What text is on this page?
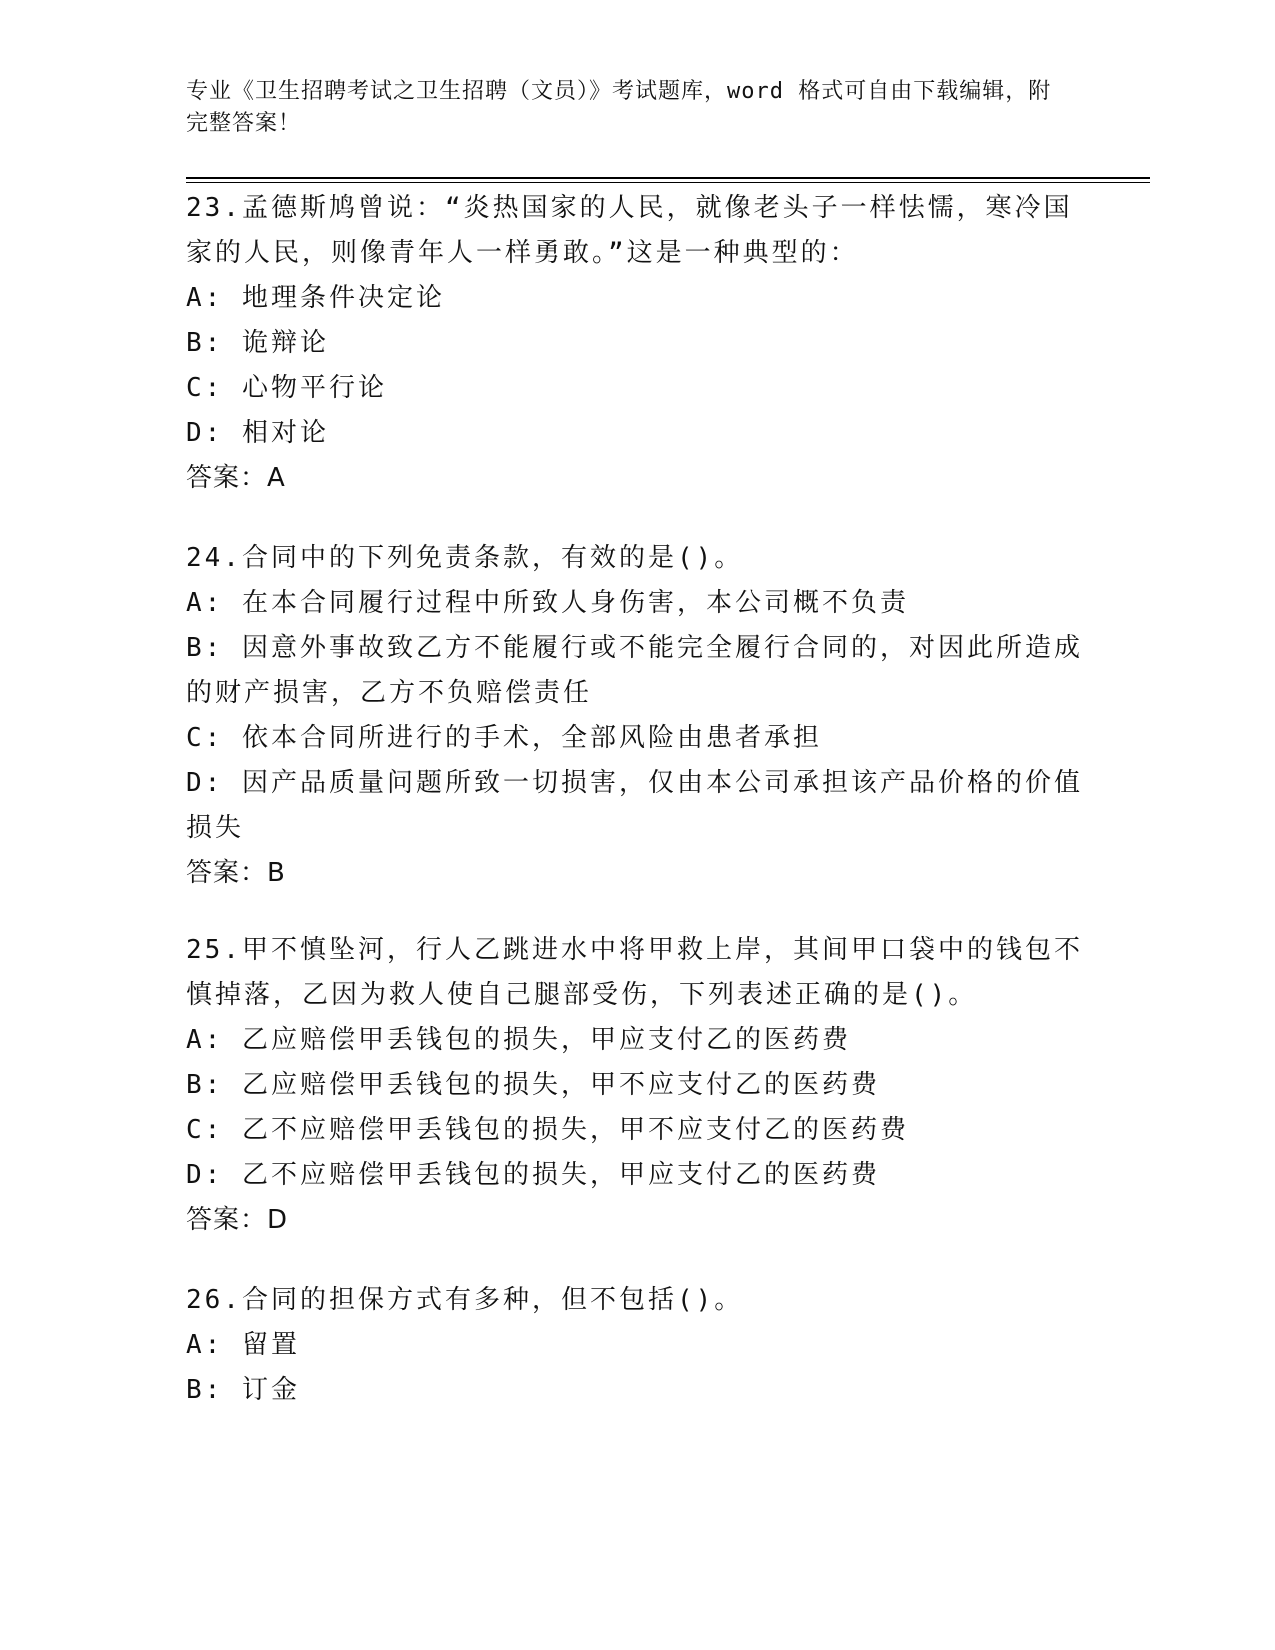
专业《卫生招聘考试之卫生招聘（文员）》考试题库，word 格式可自由下载编辑，附完整答案！

23.孟德斯鸠曾说：“炎热国家的人民，就像老头子一样怯懦，寒冷国家的人民，则像青年人一样勇敢。”这是一种典型的：

A: 地理条件决定论

B: 诡辩论

C: 心物平行论

D: 相对论

答案：A

24.合同中的下列免责条款，有效的是()。

A: 在本合同履行过程中所致人身伤害，本公司概不负责

B: 因意外事故致乙方不能履行或不能完全履行合同的，对因此所造成的财产损害，乙方不负赔偿责任

C: 依本合同所进行的手术，全部风险由患者承担

D: 因产品质量问题所致一切损害，仅由本公司承担该产品价格的价值损失

答案：B

25.甲不慎坠河，行人乙跳进水中将甲救上岸，其间甲口袋中的钱包不慎掉落，乙因为救人使自己腿部受伤，下列表述正确的是()。

A: 乙应赔偿甲丢钱包的损失，甲应支付乙的医药费

B: 乙应赔偿甲丢钱包的损失，甲不应支付乙的医药费

C: 乙不应赔偿甲丢钱包的损失，甲不应支付乙的医药费

D: 乙不应赔偿甲丢钱包的损失，甲应支付乙的医药费

答案：D

26.合同的担保方式有多种，但不包括()。

A: 留置

B: 订金
